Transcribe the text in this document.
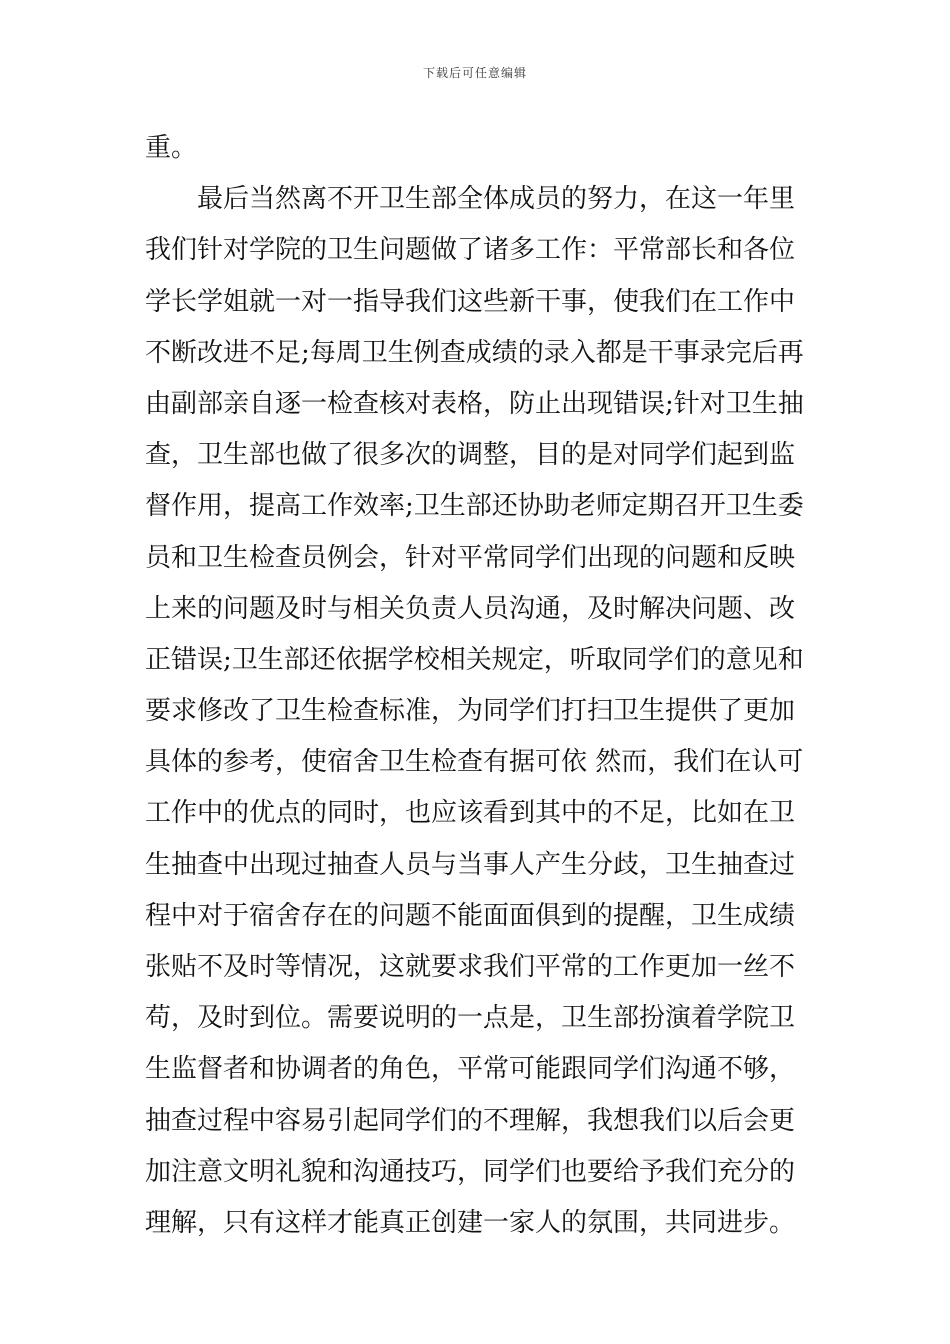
下载后可任意编辑
重。
　　最后当然离不开卫生部全体成员的努力，在这一年里
我们针对学院的卫生问题做了诸多工作：平常部长和各位
学长学姐就一对一指导我们这些新干事，使我们在工作中
不断改进不足;每周卫生例查成绩的录入都是干事录完后再
由副部亲自逐一检查核对表格，防止出现错误;针对卫生抽
查，卫生部也做了很多次的调整，目的是对同学们起到监
督作用，提高工作效率;卫生部还协助老师定期召开卫生委
员和卫生检查员例会，针对平常同学们出现的问题和反映
上来的问题及时与相关负责人员沟通，及时解决问题、改
正错误;卫生部还依据学校相关规定，听取同学们的意见和
要求修改了卫生检查标准，为同学们打扫卫生提供了更加
具体的参考，使宿舍卫生检查有据可依 然而，我们在认可
工作中的优点的同时，也应该看到其中的不足，比如在卫
生抽查中出现过抽查人员与当事人产生分歧，卫生抽查过
程中对于宿舍存在的问题不能面面俱到的提醒，卫生成绩
张贴不及时等情况，这就要求我们平常的工作更加一丝不
苟，及时到位。需要说明的一点是，卫生部扮演着学院卫
生监督者和协调者的角色，平常可能跟同学们沟通不够，
抽查过程中容易引起同学们的不理解，我想我们以后会更
加注意文明礼貌和沟通技巧，同学们也要给予我们充分的
理解，只有这样才能真正创建一家人的氛围，共同进步。
